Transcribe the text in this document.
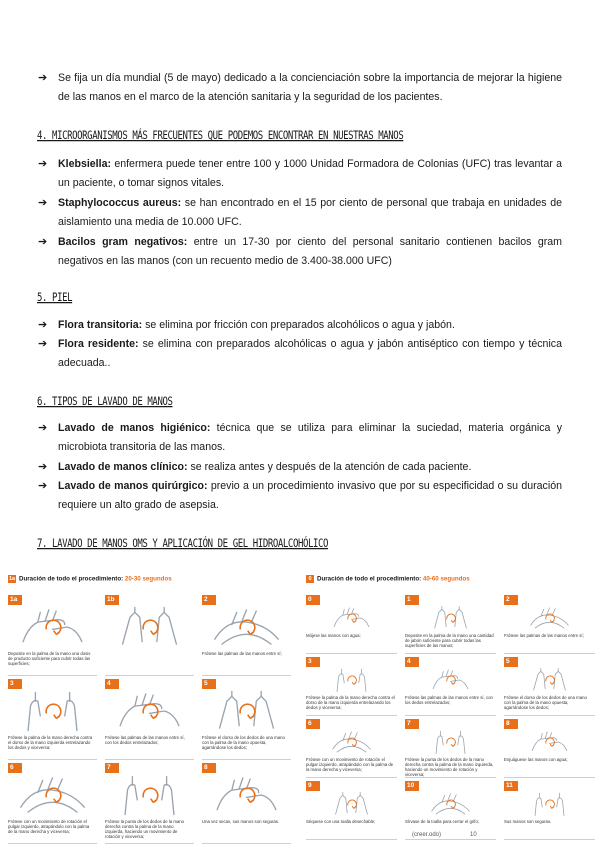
➔	Se fija un día mundial (5 de mayo) dedicado a la concienciación sobre la importancia de mejorar la higiene de las manos en el marco de la atención sanitaria y la seguridad de los pacientes.
4. MICROORGANISMOS MÁS FRECUENTES QUE PODEMOS ENCONTRAR EN NUESTRAS MANOS
➔	Klebsiella: enfermera puede tener entre 100 y 1000 Unidad Formadora de Colonias (UFC) tras levantar a un paciente, o tomar signos vitales.
➔	Staphylococcus aureus: se han encontrado en el 15 por ciento de personal que trabaja en unidades de aislamiento una media de 10.000 UFC.
➔	Bacilos gram negativos: entre un 17-30 por ciento del personal sanitario contienen bacilos gram negativos en las manos (con un recuento medio de 3.400-38.000 UFC)
5. PIEL
➔	Flora transitoria: se elimina por fricción con preparados alcohólicos o agua y jabón.
➔	Flora residente: se elimina con preparados alcohólicas o agua y jabón antiséptico con tiempo y técnica adecuada..
6. TIPOS DE LAVADO DE MANOS
➔	Lavado de manos higiénico: técnica que se utiliza para eliminar la suciedad, materia orgánica y microbiota transitoria de las manos.
➔	Lavado de manos clínico: se realiza antes y después de la atención de cada paciente.
➔	Lavado de manos quirúrgico: previo a un procedimiento invasivo que por su especificidad o su duración requiere un alto grado de asepsia.
7. LAVADO DE MANOS OMS Y APLICACIÓN DE GEL HIDROALCOHÓLICO
1a Duración de todo el procedimiento: 20-30 segundos
1a
Deposite en la palma de la mano una dosis de producto suficiente para cubrir todas las superficies;
1b	2
Frótese las palmas de las manos entre sí;
3
Frótese la palma de la mano derecha contra el dorso de la mano izquierda entrelazando los dedos y viceversa;
4
Frótese las palmas de las manos entre sí, con los dedos entrelazados;
5
Frótese el dorso de los dedos de una mano con la palma de la mano opuesta, agarrándose los dedos;
6
Frótese con un movimiento de rotación el pulgar izquierdo, atrapándolo con la palma de la mano derecha y viceversa;
7
Frótese la punta de los dedos de la mano derecha contra la palma de la mano izquierda, haciendo un movimiento de rotación y viceversa;
8
Una vez secas, sus manos son seguras.
0 Duración de todo el procedimiento: 40-60 segundos
0
Mójese las manos con agua;
1
Deposite en la palma de la mano una cantidad de jabón suficiente para cubrir todas las superficies de las manos;
2
Frótese las palmas de las manos entre sí;
3
Frótese la palma de la mano derecha contra el dorso de la mano izquierda entrelazando los dedos y viceversa;
4
Frótese las palmas de las manos entre sí, con los dedos entrelazados;
5
Frótese el dorso de los dedos de una mano con la palma de la mano opuesta, agarrándose los dedos;
6
Frótese con un movimiento de rotación el pulgar izquierdo, atrapándolo con la palma de la mano derecha y viceversa;
7
Frótese la punta de los dedos de la mano derecha contra la palma de la mano izquierda, haciendo un movimiento de rotación y viceversa;
8
Enjuáguese las manos con agua;
9
Séquese con una toalla desechable;
10
Sírvase de la toalla para cerrar el grifo;
11
Sus manos son seguras.
(creer.odo)	10
